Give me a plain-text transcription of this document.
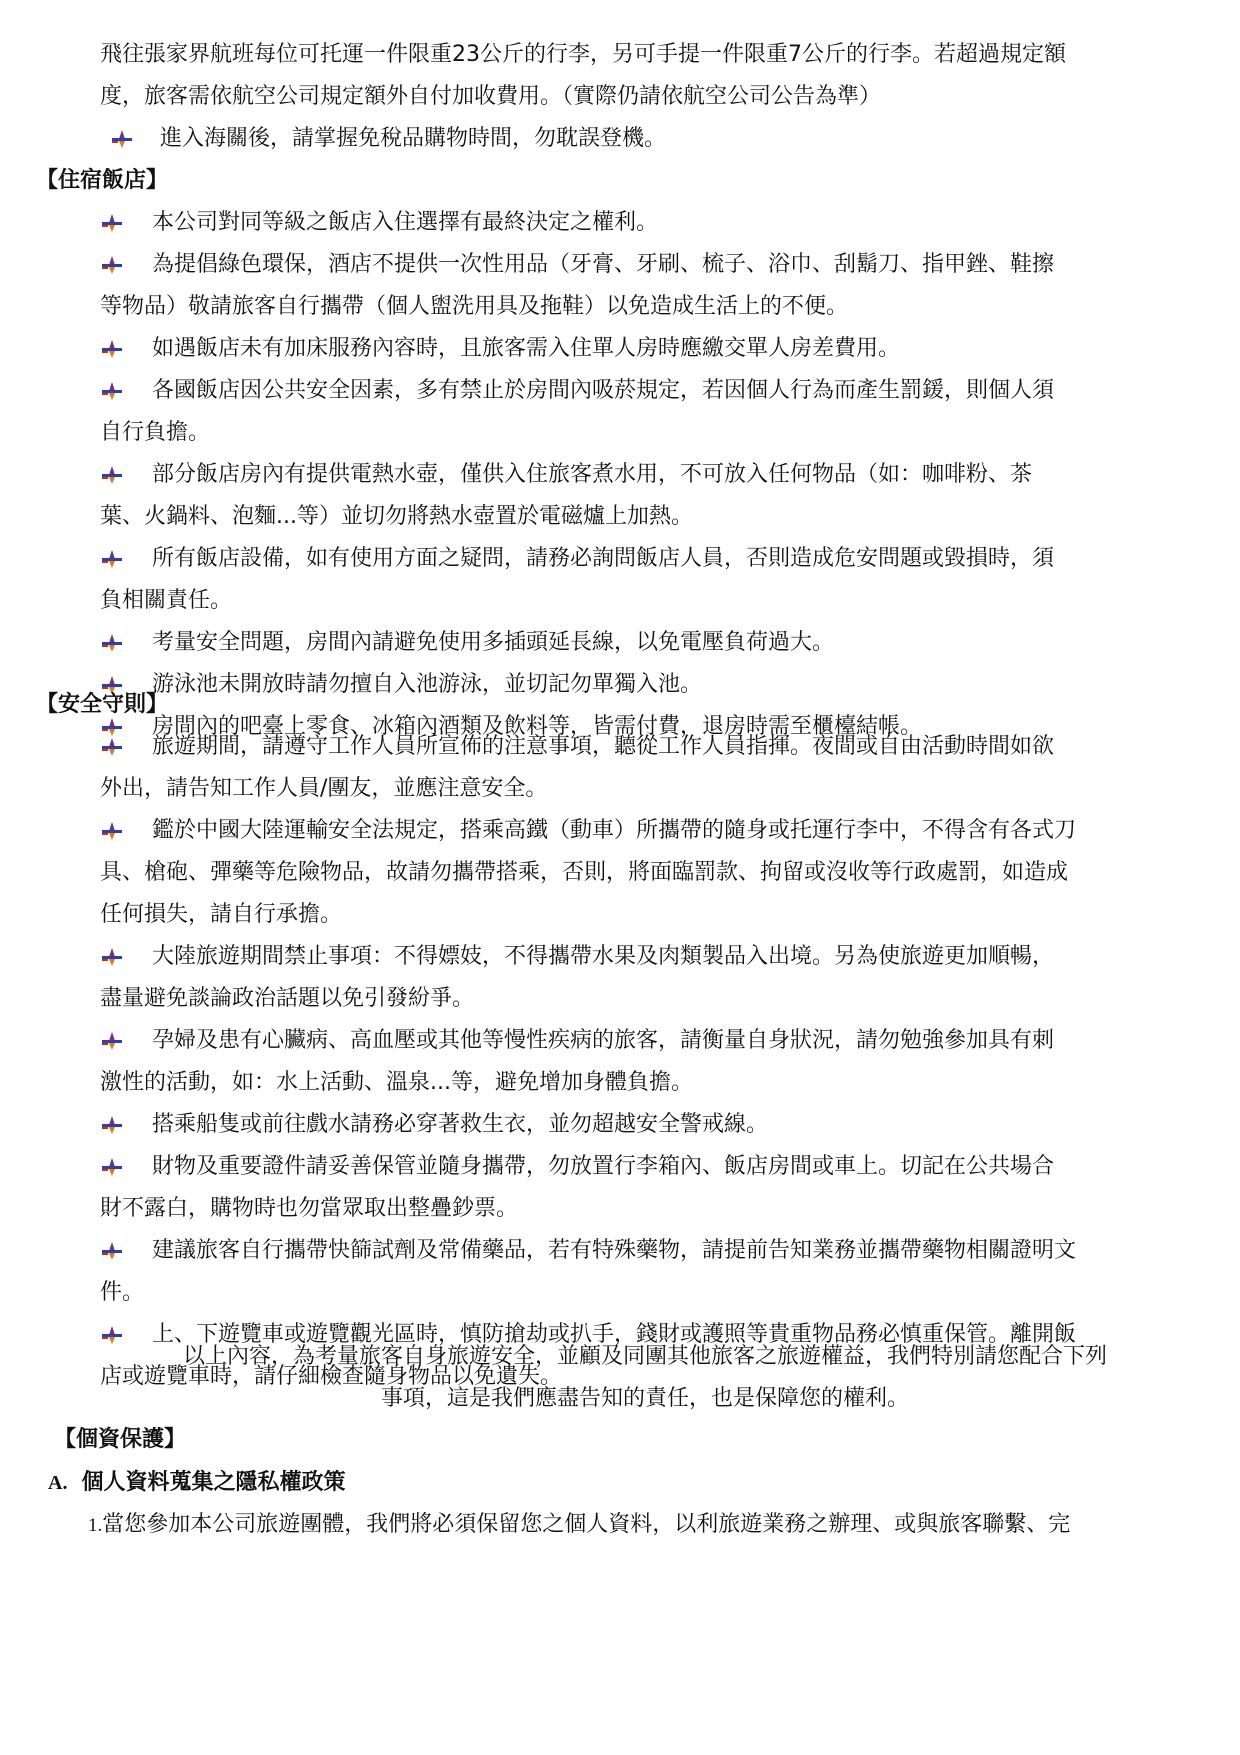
飛往張家界航班每位可托運一件限重23公斤的行李，另可手提一件限重7公斤的行李。若超過規定額
度，旅客需依航空公司規定額外自付加收費用。（實際仍請依航空公司公告為準）
進入海關後，請掌握免稅品購物時間，勿耽誤登機。
【住宿飯店】
本公司對同等級之飯店入住選擇有最終決定之權利。
為提倡綠色環保，酒店不提供一次性用品（牙膏、牙刷、梳子、浴巾、刮鬍刀、指甲銼、鞋擦
等物品）敬請旅客自行攜帶（個人盥洗用具及拖鞋）以免造成生活上的不便。
如遇飯店未有加床服務內容時，且旅客需入住單人房時應繳交單人房差費用。
各國飯店因公共安全因素，多有禁止於房間內吸菸規定，若因個人行為而產生罰鍰，則個人須
自行負擔。
部分飯店房內有提供電熱水壺，僅供入住旅客煮水用，不可放入任何物品（如：咖啡粉、茶
葉、火鍋料、泡麵...等）並切勿將熱水壺置於電磁爐上加熱。
所有飯店設備，如有使用方面之疑問，請務必詢問飯店人員，否則造成危安問題或毀損時，須
負相關責任。
考量安全問題，房間內請避免使用多插頭延長線，以免電壓負荷過大。
游泳池未開放時請勿擅自入池游泳，並切記勿單獨入池。
房間內的吧臺上零食、冰箱內酒類及飲料等，皆需付費，退房時需至櫃檯結帳。
【安全守則】
旅遊期間，請遵守工作人員所宣佈的注意事項，聽從工作人員指揮。夜間或自由活動時間如欲
外出，請告知工作人員/團友，並應注意安全。
鑑於中國大陸運輸安全法規定，搭乘高鐵（動車）所攜帶的隨身或托運行李中，不得含有各式刀
具、槍砲、彈藥等危險物品，故請勿攜帶搭乘，否則，將面臨罰款、拘留或沒收等行政處罰，如造成
任何損失，請自行承擔。
大陸旅遊期間禁止事項：不得嫖妓，不得攜帶水果及肉類製品入出境。另為使旅遊更加順暢，
盡量避免談論政治話題以免引發紛爭。
孕婦及患有心臟病、高血壓或其他等慢性疾病的旅客，請衡量自身狀況，請勿勉強參加具有刺
激性的活動，如：水上活動、溫泉...等，避免增加身體負擔。
搭乘船隻或前往戲水請務必穿著救生衣，並勿超越安全警戒線。
財物及重要證件請妥善保管並隨身攜帶，勿放置行李箱內、飯店房間或車上。切記在公共場合
財不露白，購物時也勿當眾取出整疊鈔票。
建議旅客自行攜帶快篩試劑及常備藥品，若有特殊藥物，請提前告知業務並攜帶藥物相關證明文
件。
上、下遊覽車或遊覽觀光區時，慎防搶劫或扒手，錢財或護照等貴重物品務必慎重保管。離開飯
店或遊覽車時，請仔細檢查隨身物品以免遺失。
以上內容，為考量旅客自身旅遊安全，並顧及同團其他旅客之旅遊權益，我們特別請您配合下列
事項，這是我們應盡告知的責任，也是保障您的權利。
【個資保護】
A. 個人資料蒐集之隱私權政策
1.當您參加本公司旅遊團體，我們將必須保留您之個人資料，以利旅遊業務之辦理、或與旅客聯繫、完
